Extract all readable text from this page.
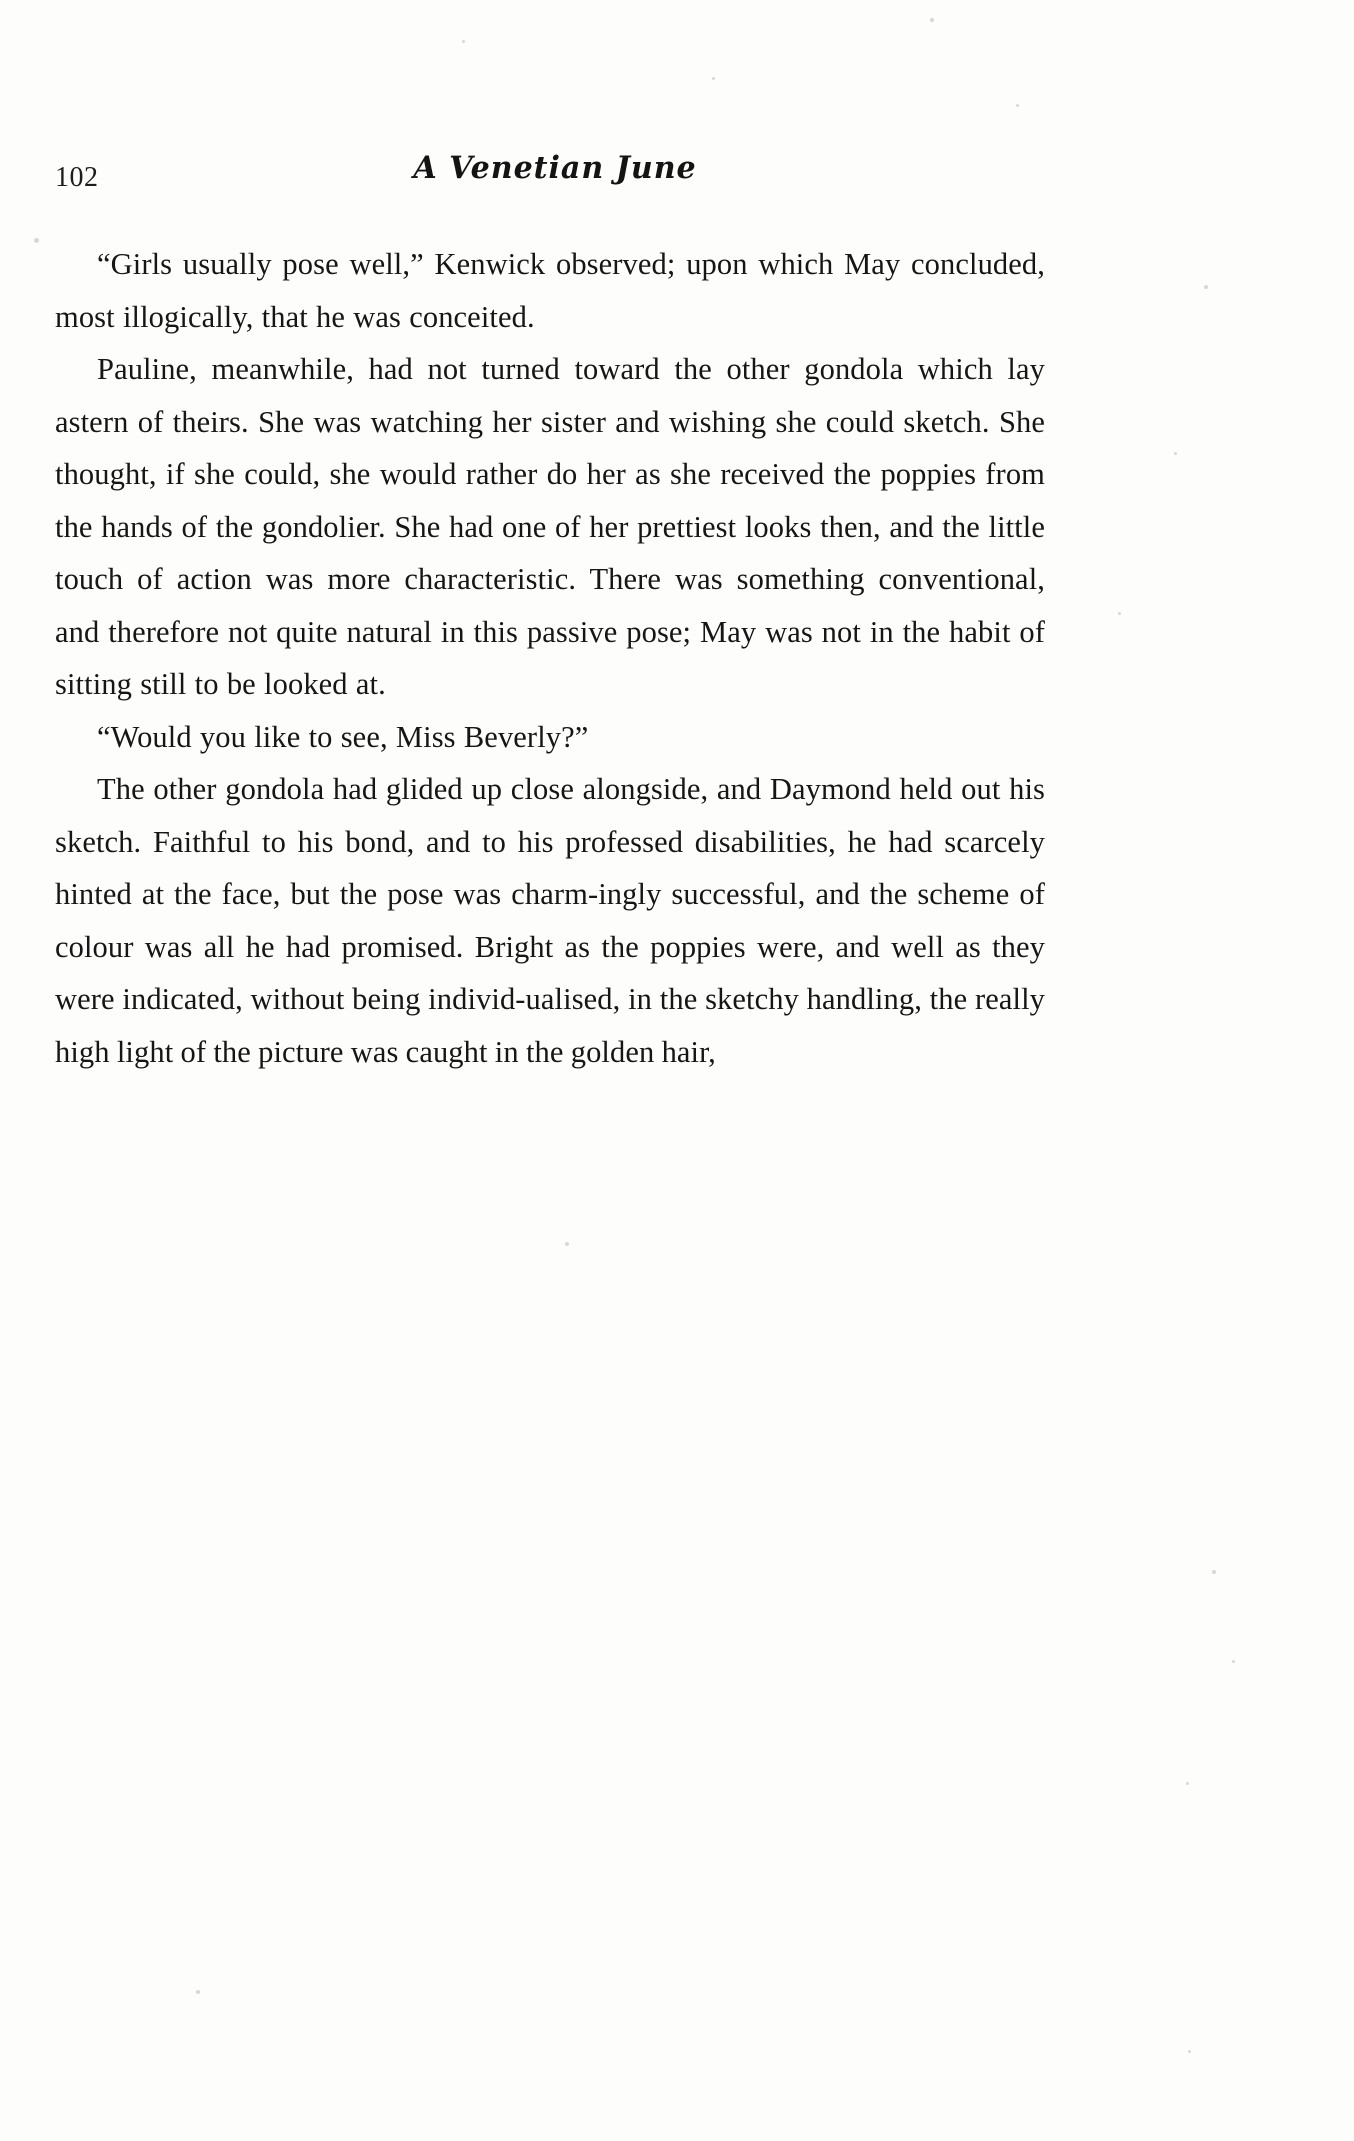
102	A Venetian June

“Girls usually pose well,” Kenwick observed; upon which May concluded, most illogically, that he was conceited.

Pauline, meanwhile, had not turned toward the other gondola which lay astern of theirs. She was watching her sister and wishing she could sketch. She thought, if she could, she would rather do her as she received the poppies from the hands of the gondolier. She had one of her prettiest looks then, and the little touch of action was more characteristic. There was something conventional, and therefore not quite natural in this passive pose; May was not in the habit of sitting still to be looked at.

“Would you like to see, Miss Beverly?”

The other gondola had glided up close alongside, and Daymond held out his sketch. Faithful to his bond, and to his professed disabilities, he had scarcely hinted at the face, but the pose was charm-ingly successful, and the scheme of colour was all he had promised. Bright as the poppies were, and well as they were indicated, without being individ-ualised, in the sketchy handling, the really high light of the picture was caught in the golden hair,
